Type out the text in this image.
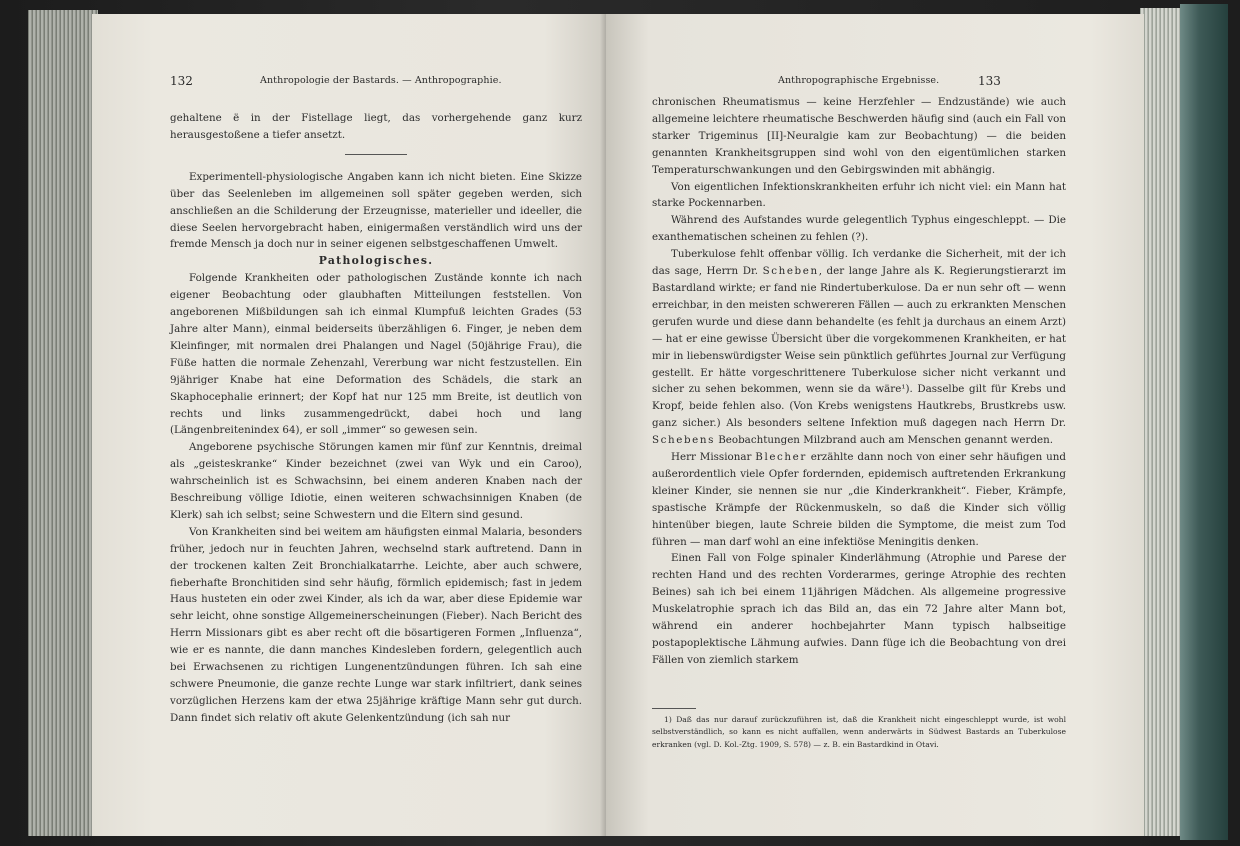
132	Anthropologie der Bastards. — Anthropographie.

gehaltene ë in der Fistellage liegt, das vorhergehende ganz kurz herausgestoßene a tiefer ansetzt.

Experimentell-physiologische Angaben kann ich nicht bieten. Eine Skizze über das Seelenleben im allgemeinen soll später gegeben werden, sich anschließen an die Schilderung der Erzeugnisse, materieller und ideeller, die diese Seelen hervorgebracht haben, einigermaßen verständlich wird uns der fremde Mensch ja doch nur in seiner eigenen selbstgeschaffenen Umwelt.

Pathologisches.

Folgende Krankheiten oder pathologischen Zustände konnte ich nach eigener Beobachtung oder glaubhaften Mitteilungen feststellen. Von angeborenen Mißbildungen sah ich einmal Klumpfuß leichten Grades (53 Jahre alter Mann), einmal beiderseits überzähligen 6. Finger, je neben dem Kleinfinger, mit normalen drei Phalangen und Nagel (50jährige Frau), die Füße hatten die normale Zehenzahl, Vererbung war nicht festzustellen. Ein 9jähriger Knabe hat eine Deformation des Schädels, die stark an Skaphocephalie erinnert; der Kopf hat nur 125 mm Breite, ist deutlich von rechts und links zusammengedrückt, dabei hoch und lang (Längenbreitenindex 64), er soll „immer“ so gewesen sein.

Angeborene psychische Störungen kamen mir fünf zur Kenntnis, dreimal als „geisteskranke“ Kinder bezeichnet (zwei van Wyk und ein Caroo), wahrscheinlich ist es Schwachsinn, bei einem anderen Knaben nach der Beschreibung völlige Idiotie, einen weiteren schwachsinnigen Knaben (de Klerk) sah ich selbst; seine Schwestern und die Eltern sind gesund.

Von Krankheiten sind bei weitem am häufigsten einmal Malaria, besonders früher, jedoch nur in feuchten Jahren, wechselnd stark auftretend. Dann in der trockenen kalten Zeit Bronchialkatarrhe. Leichte, aber auch schwere, fieberhafte Bronchitiden sind sehr häufig, förmlich epidemisch; fast in jedem Haus husteten ein oder zwei Kinder, als ich da war, aber diese Epidemie war sehr leicht, ohne sonstige Allgemeinerscheinungen (Fieber). Nach Bericht des Herrn Missionars gibt es aber recht oft die bösartigeren Formen „Influenza“, wie er es nannte, die dann manches Kindesleben fordern, gelegentlich auch bei Erwachsenen zu richtigen Lungenentzündungen führen. Ich sah eine schwere Pneumonie, die ganze rechte Lunge war stark infiltriert, dank seines vorzüglichen Herzens kam der etwa 25jährige kräftige Mann sehr gut durch. Dann findet sich relativ oft akute Gelenkentzündung (ich sah nur

Anthropographische Ergebnisse.	133

chronischen Rheumatismus — keine Herzfehler — Endzustände) wie auch allgemeine leichtere rheumatische Beschwerden häufig sind (auch ein Fall von starker Trigeminus [II]-Neuralgie kam zur Beobachtung) — die beiden genannten Krankheitsgruppen sind wohl von den eigentümlichen starken Temperaturschwankungen und den Gebirgswinden mit abhängig.

Von eigentlichen Infektionskrankheiten erfuhr ich nicht viel: ein Mann hat starke Pockennarben.

Während des Aufstandes wurde gelegentlich Typhus eingeschleppt. — Die exanthematischen scheinen zu fehlen (?).

Tuberkulose fehlt offenbar völlig. Ich verdanke die Sicherheit, mit der ich das sage, Herrn Dr. Scheben, der lange Jahre als K. Regierungstierarzt im Bastardland wirkte; er fand nie Rindertuberkulose. Da er nun sehr oft — wenn erreichbar, in den meisten schwereren Fällen — auch zu erkrankten Menschen gerufen wurde und diese dann behandelte (es fehlt ja durchaus an einem Arzt) — hat er eine gewisse Übersicht über die vorgekommenen Krankheiten, er hat mir in liebenswürdigster Weise sein pünktlich geführtes Journal zur Verfügung gestellt. Er hätte vorgeschrittenere Tuberkulose sicher nicht verkannt und sicher zu sehen bekommen, wenn sie da wäre¹). Dasselbe gilt für Krebs und Kropf, beide fehlen also. (Von Krebs wenigstens Hautkrebs, Brustkrebs usw. ganz sicher.) Als besonders seltene Infektion muß dagegen nach Herrn Dr. Schebens Beobachtungen Milzbrand auch am Menschen genannt werden.

Herr Missionar Blecher erzählte dann noch von einer sehr häufigen und außerordentlich viele Opfer fordernden, epidemisch auftretenden Erkrankung kleiner Kinder, sie nennen sie nur „die Kinderkrankheit“. Fieber, Krämpfe, spastische Krämpfe der Rückenmuskeln, so daß die Kinder sich völlig hintenüber biegen, laute Schreie bilden die Symptome, die meist zum Tod führen — man darf wohl an eine infektiöse Meningitis denken.

Einen Fall von Folge spinaler Kinderlähmung (Atrophie und Parese der rechten Hand und des rechten Vorderarmes, geringe Atrophie des rechten Beines) sah ich bei einem 11jährigen Mädchen. Als allgemeine progressive Muskelatrophie sprach ich das Bild an, das ein 72 Jahre alter Mann bot, während ein anderer hochbejahrter Mann typisch halbseitige postapoplektische Lähmung aufwies. Dann füge ich die Beobachtung von drei Fällen von ziemlich starkem

1) Daß das nur darauf zurückzuführen ist, daß die Krankheit nicht eingeschleppt wurde, ist wohl selbstverständlich, so kann es nicht auffallen, wenn anderwärts in Südwest Bastards an Tuberkulose erkranken (vgl. D. Kol.-Ztg. 1909, S. 578) — z. B. ein Bastardkind in Otavi.
